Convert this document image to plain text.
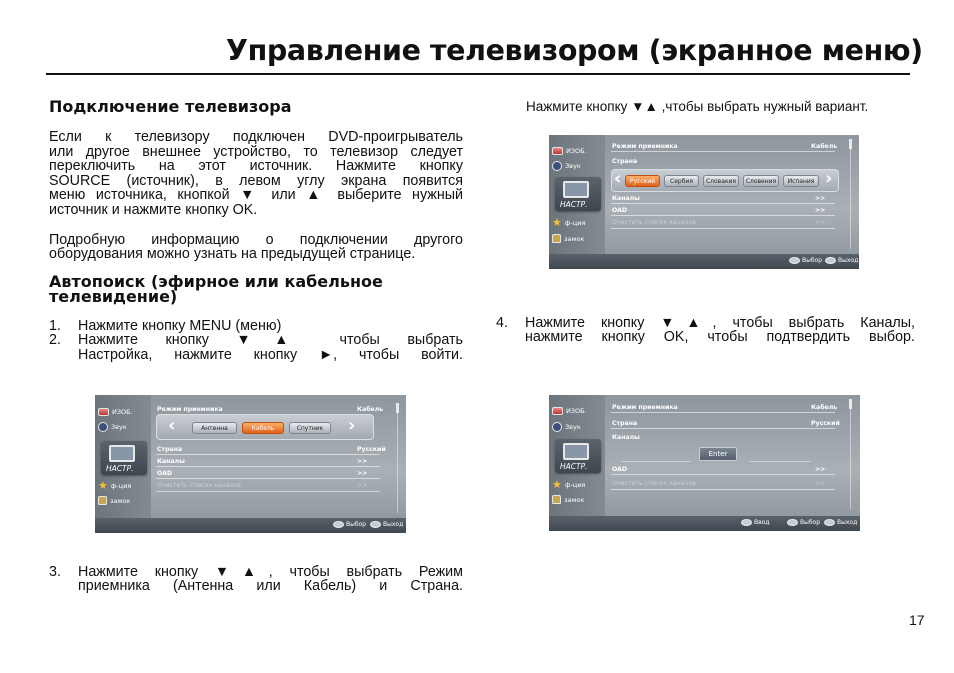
Управление телевизором (экранное меню)
Подключение телевизора
Если к телевизору подключен DVD-проигрыватель
или другое внешнее устройство, то телевизор следует
переключить на этот источник. Нажмите кнопку
SOURCE (источник), в левом углу экрана появится
меню источника, кнопкой ▼ или ▲ выберите нужный
источник и нажмите кнопку OK.
Подробную информацию о подключении другого
оборудования можно узнать на предыдущей странице.
Автопоиск (эфирное или кабельное
телевидение)
1. Нажмите кнопку MENU (меню)
2. Нажмите кнопку ▼▲ чтобы выбрать
Настройка, нажмите кнопку ►, чтобы войти.
ИЗОБ.
Звук
НАСТР.
★ ф-ция
замок
Режим приемника	Кабель
‹	Антенна	Кабель	Спутник	›
Страна	Русский
Каналы	>>
OAD	>>
Очистить список каналов	>>
Выбор	Выход
3. Нажмите кнопку ▼▲, чтобы выбрать Режим
приемника (Антенна или Кабель) и Страна.
Нажмите кнопку ▼▲ ,чтобы выбрать нужный вариант.
ИЗОБ.
Звук
НАСТР.
★ ф-ция
замок
Режим приемника	Кабель
Страна
‹	Русский	Сербия	Словакия	Словения	Испания ›
Каналы	>>
OAD	>>
Очистить список каналов	>>
Выбор	Выход
4. Нажмите кнопку ▼▲, чтобы выбрать Каналы,
нажмите кнопку OK, чтобы подтвердить выбор.
ИЗОБ.
Звук
НАСТР.
★ ф-ция
замок
Режим приемника	Кабель
Страна	Русский
Каналы
Enter
OAD	>>
Очистить список каналов	>>
Ввод	Выбор	Выход
17
